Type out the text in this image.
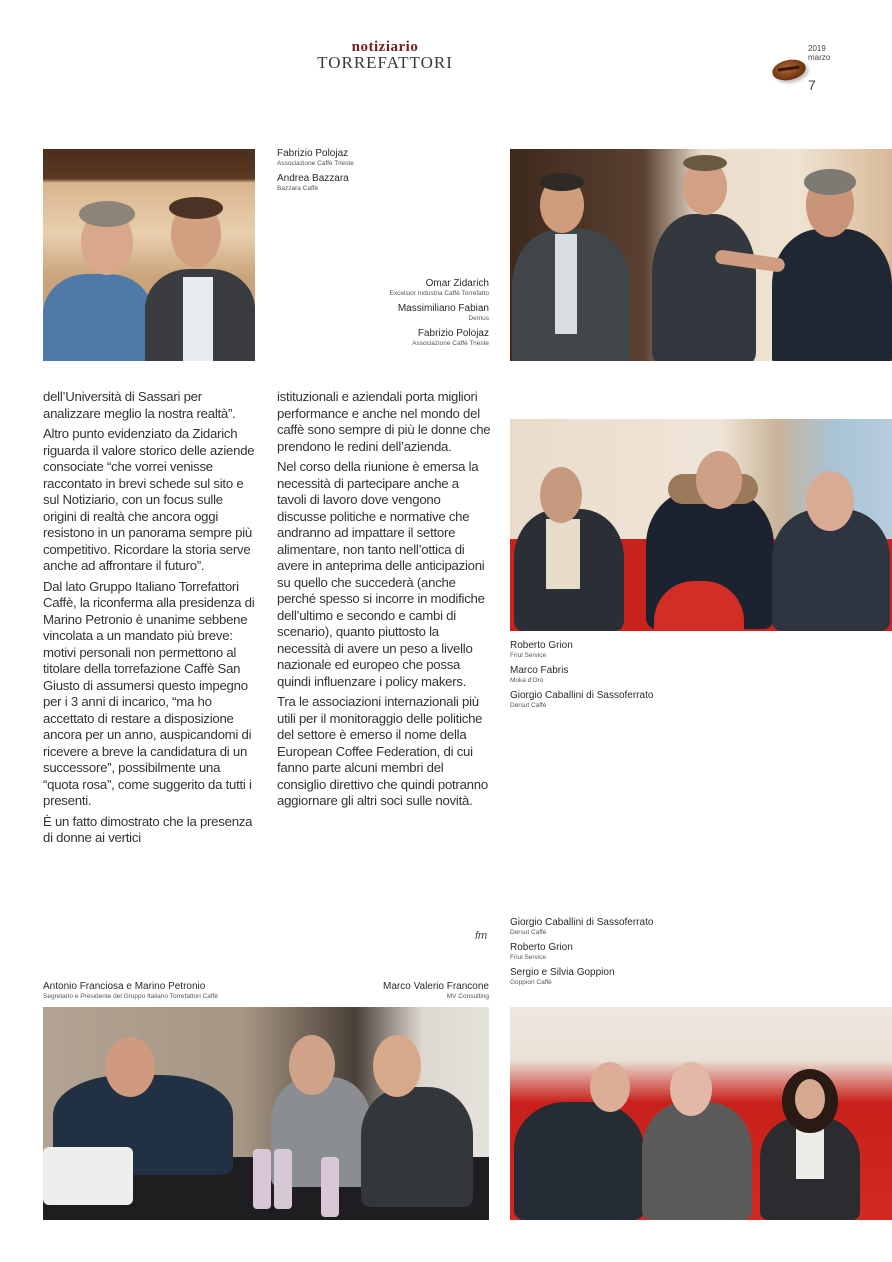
notiziario
TORREFATTORI
2019
marzo
7
Fabrizio Polojaz
Associazione Caffè Trieste
Andrea Bazzara
Bazzara Caffè
Omar Zidarich
Excelsior Industria Caffè Torrefatto
Massimiliano Fabian
Demus
Fabrizio Polojaz
Associazione Caffè Trieste

dell’Università di Sassari per analizzare meglio la nostra realtà”.

Altro punto evidenziato da Zidarich riguarda il valore storico delle aziende consociate “che vorrei venisse raccontato in brevi schede sul sito e sul Notiziario, con un focus sulle origini di realtà che ancora oggi resistono in un panorama sempre più competitivo. Ricordare la storia serve anche ad affrontare il futuro”.

Dal lato Gruppo Italiano Torrefattori Caffè, la riconferma alla presidenza di Marino Petronio è unanime sebbene vincolata a un mandato più breve: motivi personali non permettono al titolare della torrefazione Caffè San Giusto di assumersi questo impegno per i 3 anni di incarico, “ma ho accettato di restare a disposizione ancora per un anno, auspicandomi di ricevere a breve la candidatura di un successore”, possibilmente una “quota rosa”, come suggerito da tutti i presenti.

È un fatto dimostrato che la presenza di donne ai vertici

istituzionali e aziendali porta migliori performance e anche nel mondo del caffè sono sempre di più le donne che prendono le redini dell’azienda.

Nel corso della riunione è emersa la necessità di partecipare anche a tavoli di lavoro dove vengono discusse politiche e normative che andranno ad impattare il settore alimentare, non tanto nell’ottica di avere in anteprima delle anticipazioni su quello che succederà (anche perché spesso si incorre in modifiche dell’ultimo e secondo e cambi di scenario), quanto piuttosto la necessità di avere un peso a livello nazionale ed europeo che possa quindi influenzare i policy makers.

Tra le associazioni internazionali più utili per il monitoraggio delle politiche del settore è emerso il nome della European Coffee Federation, di cui fanno parte alcuni membri del consiglio direttivo che quindi potranno aggiornare gli altri soci sulle novità.

fm
Roberto Grion
Friul Service
Marco Fabris
Moka d'Oro
Giorgio Caballini di Sassoferrato
Dersut Caffè
Giorgio Caballini di Sassoferrato
Dersut Caffè
Roberto Grion
Friul Service
Sergio e Silvia Goppion
Goppion Caffè
Antonio Franciosa e Marino Petronio
Segretario e Presidente del Gruppo Italiano Torrefattori Caffè
Marco Valerio Francone
MV Consulting
